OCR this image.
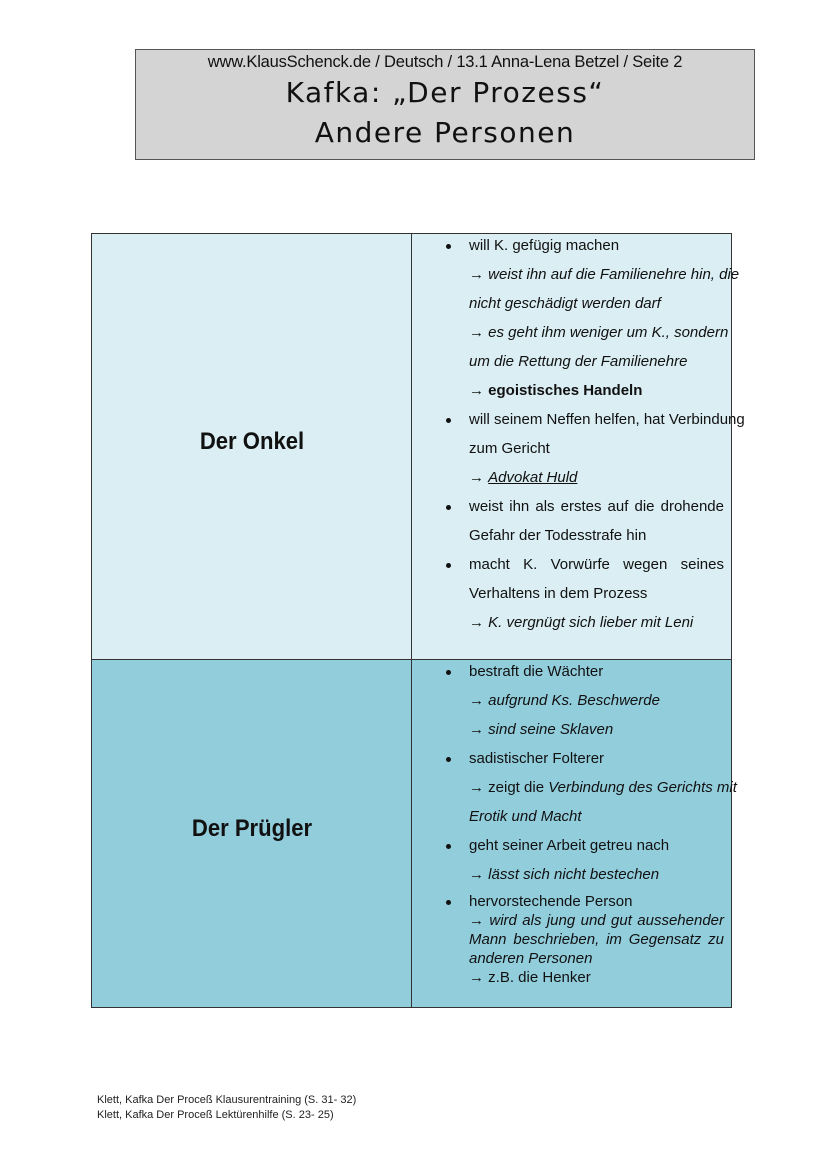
www.KlausSchenck.de / Deutsch / 13.1 Anna-Lena Betzel / Seite 2
Kafka: „Der Prozess“
Andere Personen
Der Onkel
will K. gefügig machen
→ weist ihn auf die Familienehre hin, die
nicht geschädigt werden darf
→ es geht ihm weniger um K., sondern
um die Rettung der Familienehre
→ egoistisches Handeln
will seinem Neffen helfen, hat Verbindung
zum Gericht
→ Advokat Huld
weist ihn als erstes auf die drohende
Gefahr der Todesstrafe hin
macht K. Vorwürfe wegen seines
Verhaltens in dem Prozess
→ K. vergnügt sich lieber mit Leni
Der Prügler
bestraft die Wächter
→ aufgrund Ks. Beschwerde
→ sind seine Sklaven
sadistischer Folterer
→ zeigt die Verbindung des Gerichts mit
Erotik und Macht
geht seiner Arbeit getreu nach
→ lässt sich nicht bestechen
hervorstechende Person
→ wird als jung und gut aussehender
Mann beschrieben, im Gegensatz zu
anderen Personen
→ z.B. die Henker
Klett, Kafka Der Proceß Klausurentraining (S. 31- 32)
Klett, Kafka Der Proceß Lektürenhilfe (S. 23- 25)
